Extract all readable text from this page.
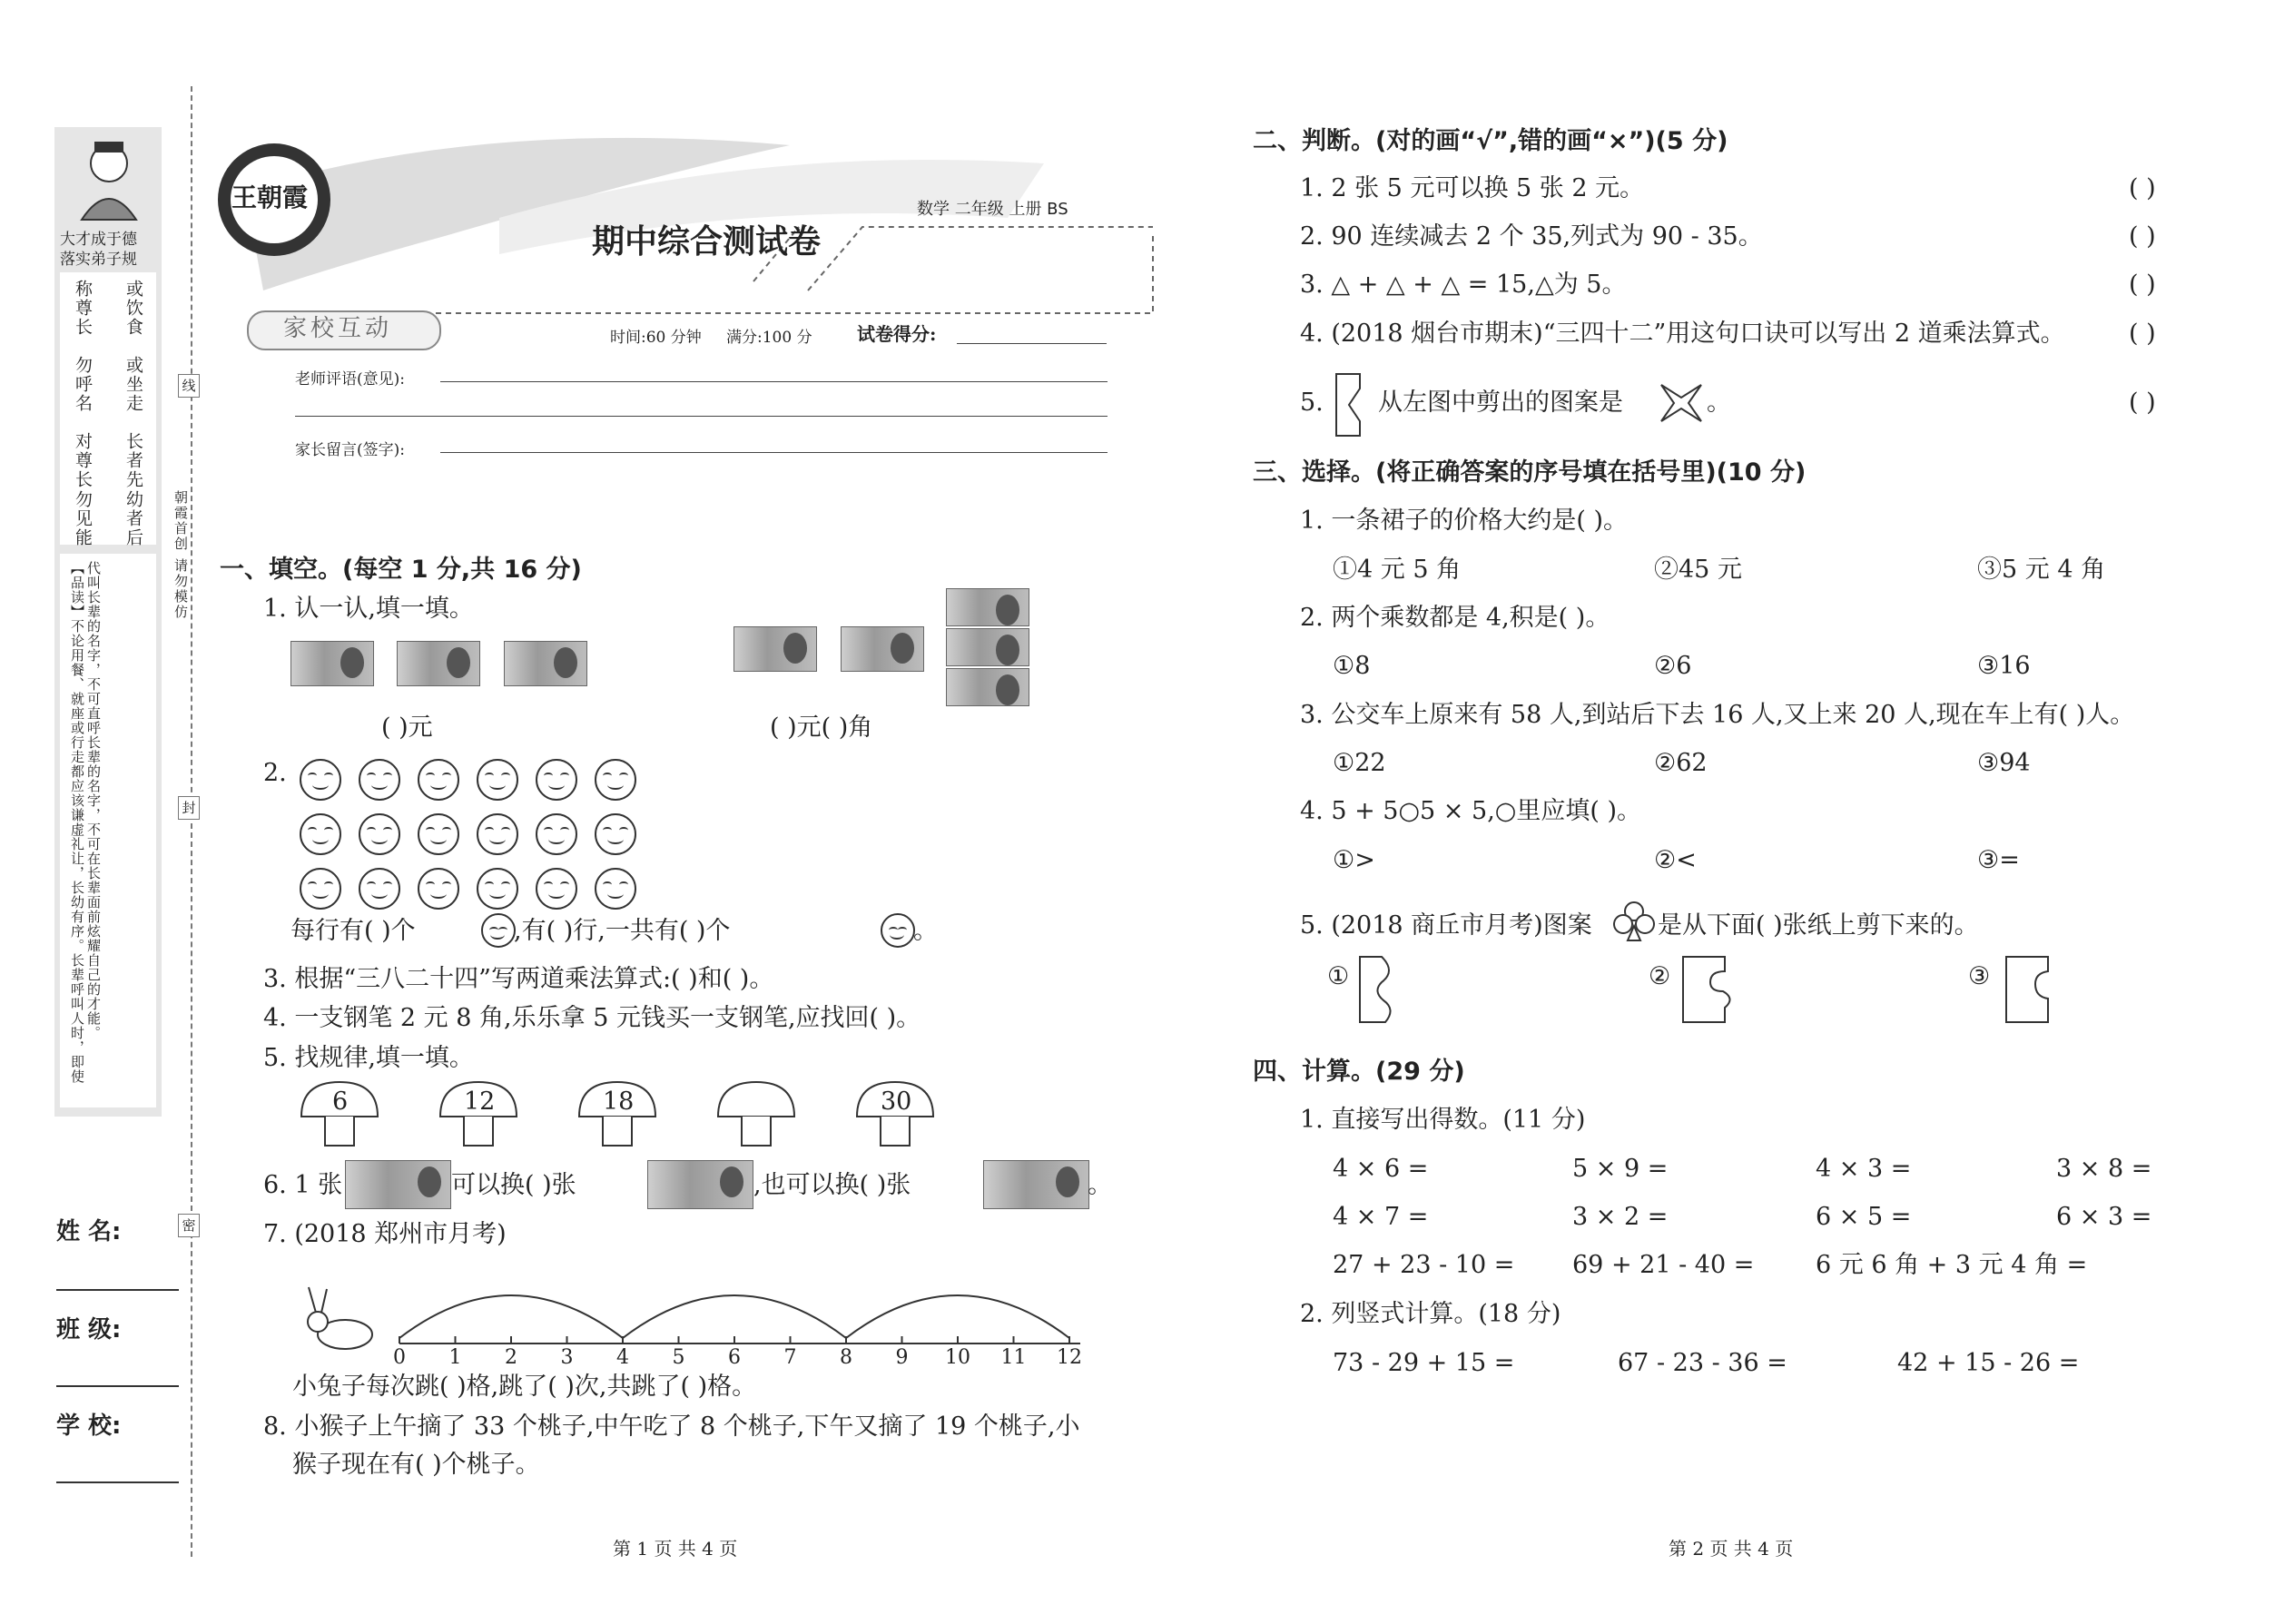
大才成于德
落实弟子规
或饮食
或坐走
长者先
幼者后
称尊长
勿呼名
对尊长
勿见能
【品读】不论用餐、就座或行走都应该谦虚礼让，长幼有序。长辈呼叫人时，即使代叫长辈的名字，不可直呼长辈的名字，不可在长辈面前炫耀自己的才能。
线
封
密
朝霞首创 请勿模仿
姓 名:
班 级:
学 校:
王朝霞
期中综合测试卷
数学 二年级 上册 BS
家校互动	时间:60 分钟 满分:100 分 试卷得分:
老师评语(意见):
家长留言(签字):
一、填空。(每空 1 分,共 16 分)
1. 认一认,填一填。
( )元	( )元( )角
2.
每行有( )个	,有( )行,一共有( )个	。
3. 根据“三八二十四”写两道乘法算式:( )和( )。
4. 一支钢笔 2 元 8 角,乐乐拿 5 元钱买一支钢笔,应找回( )。
5. 找规律,填一填。
6	12	18	30
6. 1 张	可以换( )张	,也可以换( )张	。
7. (2018 郑州市月考)
0 1 2 3 4 5 6 7 8 9 10 11 12
小兔子每次跳( )格,跳了( )次,共跳了( )格。
8. 小猴子上午摘了 33 个桃子,中午吃了 8 个桃子,下午又摘了 19 个桃子,小
猴子现在有( )个桃子。
第 1 页 共 4 页
二、判断。(对的画“√”,错的画“×”)(5 分)
1. 2 张 5 元可以换 5 张 2 元。
2. 90 连续减去 2 个 35,列式为 90 - 35。
3. △ + △ + △ = 15,△为 5。
4. (2018 烟台市期末)“三四十二”用这句口诀可以写出 2 道乘法算式。
5. 从左图中剪出的图案是	。
( )
( )
( )
( )
( )
三、选择。(将正确答案的序号填在括号里)(10 分)
1. 一条裙子的价格大约是( )。
①4 元 5 角	②45 元	③5 元 4 角
2. 两个乘数都是 4,积是( )。
①8	②6	③16
3. 公交车上原来有 58 人,到站后下去 16 人,又上来 20 人,现在车上有( )人。
①22	②62	③94
4. 5 + 5○5 × 5,○里应填( )。
①>	②<	③=
5. (2018 商丘市月考)图案	是从下面( )张纸上剪下来的。
①	②	③
四、计算。(29 分)
1. 直接写出得数。(11 分)
4 × 6 =	5 × 9 =	4 × 3 =	3 × 8 =
4 × 7 =	3 × 2 =	6 × 5 =	6 × 3 =
27 + 23 - 10 = 69 + 21 - 40 =	6 元 6 角 + 3 元 4 角 =
2. 列竖式计算。(18 分)
73 - 29 + 15 =	67 - 23 - 36 =	42 + 15 - 26 =
第 2 页 共 4 页
